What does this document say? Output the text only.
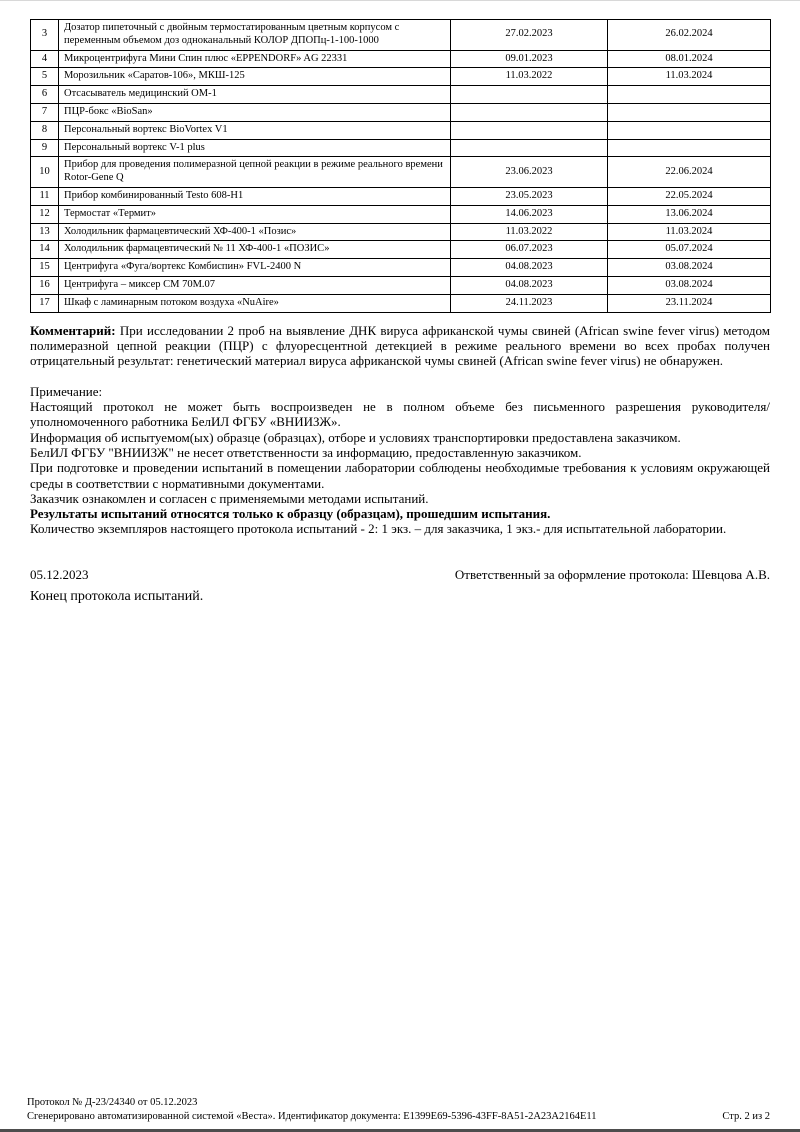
3	Дозатор пипеточный с двойным термостатированным цветным корпусом с переменным объемом доз одноканальный КОЛОР ДПОПц-1-100-1000	27.02.2023	26.02.2024
4	Микроцентрифуга Мини Спин плюс «EPPENDORF» AG 22331	09.01.2023	08.01.2024
5	Морозильник «Саратов-106», МКШ-125	11.03.2022	11.03.2024
6	Отсасыватель медицинский ОМ-1		
7	ПЦР-бокс «BioSan»		
8	Персональный вортекс BioVortex V1		
9	Персональный вортекс V-1 plus		
10	Прибор для проведения полимеразной цепной реакции в режиме реального времени Rotor-Gene Q	23.06.2023	22.06.2024
11	Прибор комбинированный Testo 608-H1	23.05.2023	22.05.2024
12	Термостат «Термит»	14.06.2023	13.06.2024
13	Холодильник фармацевтический ХФ-400-1 «Позис»	11.03.2022	11.03.2024
14	Холодильник фармацевтический № 11 ХФ-400-1 «ПОЗИС»	06.07.2023	05.07.2024
15	Центрифуга «Фуга/вортекс Комбиспин» FVL-2400 N	04.08.2023	03.08.2024
16	Центрифуга – миксер СМ 70М.07	04.08.2023	03.08.2024
17	Шкаф с ламинарным потоком воздуха «NuAire»	24.11.2023	23.11.2024

Комментарий: При исследовании 2 проб на выявление ДНК вируса африканской чумы свиней (African swine fever virus) методом полимеразной цепной реакции (ПЦР) с флуоресцентной детекцией в режиме реального времени во всех пробах получен отрицательный результат: генетический материал вируса африканской чумы свиней (African swine fever virus) не обнаружен.

Примечание:

Настоящий протокол не может быть воспроизведен не в полном объеме без письменного разрешения руководителя/уполномоченного работника БелИЛ ФГБУ «ВНИИЗЖ».

Информация об испытуемом(ых) образце (образцах), отборе и условиях транспортировки предоставлена заказчиком.

БелИЛ ФГБУ "ВНИИЗЖ" не несет ответственности за информацию, предоставленную заказчиком.

При подготовке и проведении испытаний в помещении лаборатории соблюдены необходимые требования к условиям окружающей среды в соответствии с нормативными документами.

Заказчик ознакомлен и согласен с применяемыми методами испытаний.

Результаты испытаний относятся только к образцу (образцам), прошедшим испытания.

Количество экземпляров настоящего протокола испытаний - 2: 1 экз. – для заказчика, 1 экз.- для испытательной лаборатории.

05.12.2023	Ответственный за оформление протокола: Шевцова А.В.

Конец протокола испытаний.

Протокол № Д-23/24340 от 05.12.2023

Сгенерировано автоматизированной системой «Веста». Идентификатор документа: E1399E69-5396-43FF-8A51-2A23A2164E11	Стр. 2 из 2
